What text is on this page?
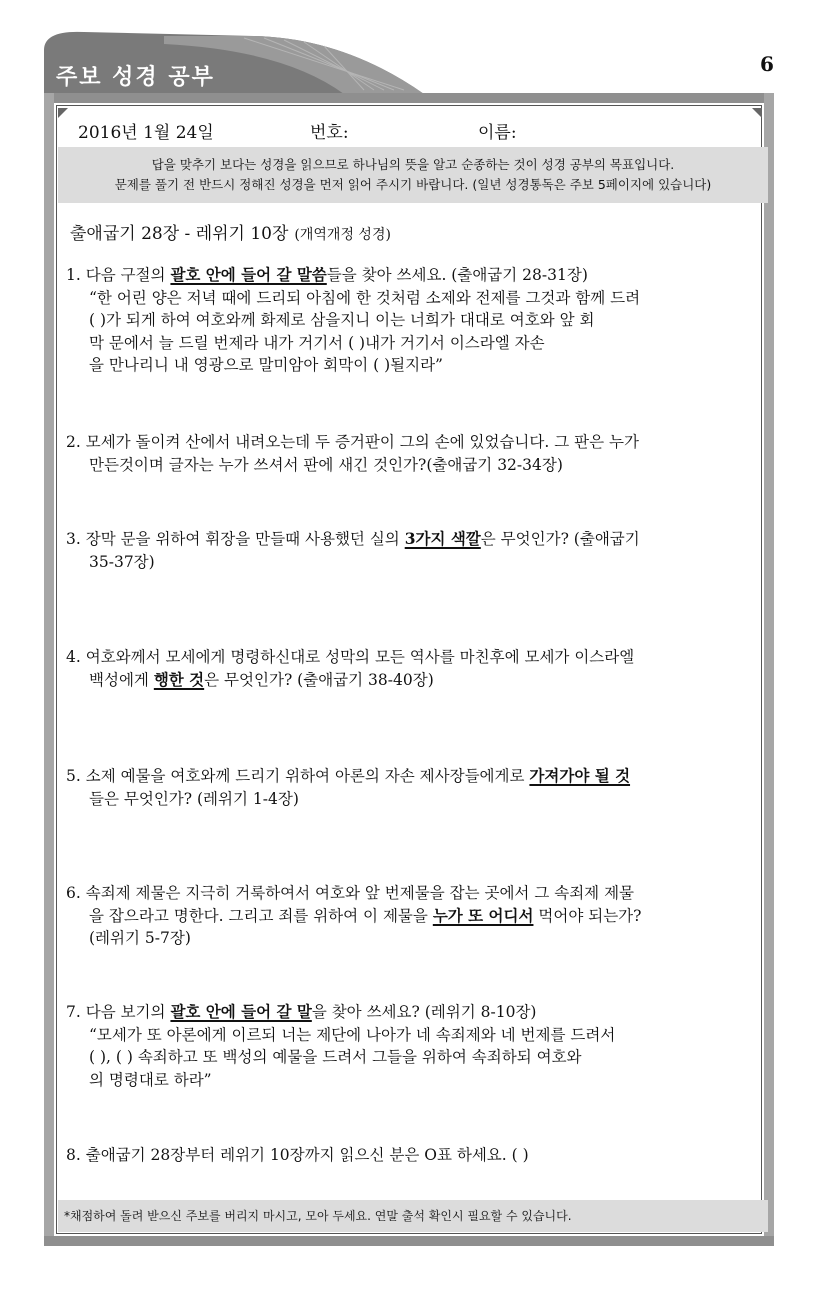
주보 성경 공부
6
2016년 1월 24일	번호:	이름:
답을 맞추기 보다는 성경을 읽으므로 하나님의 뜻을 알고 순종하는 것이 성경 공부의 목표입니다.
문제를 풀기 전 반드시 정해진 성경을 먼저 읽어 주시기 바랍니다. (일년 성경통독은 주보 5페이지에 있습니다)
출애굽기 28장 - 레위기 10장 (개역개정 성경)
1. 다음 구절의 괄호 안에 들어 갈 말씀들을 찾아 쓰세요. (출애굽기 28-31장)
“한 어린 양은 저녁 때에 드리되 아침에 한 것처럼 소제와 전제를 그것과 함께 드려
( )가 되게 하여 여호와께 화제로 삼을지니 이는 너희가 대대로 여호와 앞 회
막 문에서 늘 드릴 번제라 내가 거기서 ( )내가 거기서 이스라엘 자손
을 만나리니 내 영광으로 말미암아 회막이 ( )될지라”
2. 모세가 돌이켜 산에서 내려오는데 두 증거판이 그의 손에 있었습니다. 그 판은 누가
만든것이며 글자는 누가 쓰셔서 판에 새긴 것인가?(출애굽기 32-34장)
3. 장막 문을 위하여 휘장을 만들때 사용했던 실의 3가지 색깔은 무엇인가? (출애굽기
35-37장)
4. 여호와께서 모세에게 명령하신대로 성막의 모든 역사를 마친후에 모세가 이스라엘
백성에게 행한 것은 무엇인가? (출애굽기 38-40장)
5. 소제 예물을 여호와께 드리기 위하여 아론의 자손 제사장들에게로 가져가야 될 것
들은 무엇인가? (레위기 1-4장)
6. 속죄제 제물은 지극히 거룩하여서 여호와 앞 번제물을 잡는 곳에서 그 속죄제 제물
을 잡으라고 명한다. 그리고 죄를 위하여 이 제물을 누가 또 어디서 먹어야 되는가?
(레위기 5-7장)
7. 다음 보기의 괄호 안에 들어 갈 말을 찾아 쓰세요? (레위기 8-10장)
“모세가 또 아론에게 이르되 너는 제단에 나아가 네 속죄제와 네 번제를 드려서
( ), ( ) 속죄하고 또 백성의 예물을 드려서 그들을 위하여 속죄하되 여호와
의 명령대로 하라”
8. 출애굽기 28장부터 레위기 10장까지 읽으신 분은 O표 하세요. ( )
*채점하여 돌려 받으신 주보를 버리지 마시고, 모아 두세요. 연말 출석 확인시 필요할 수 있습니다.
